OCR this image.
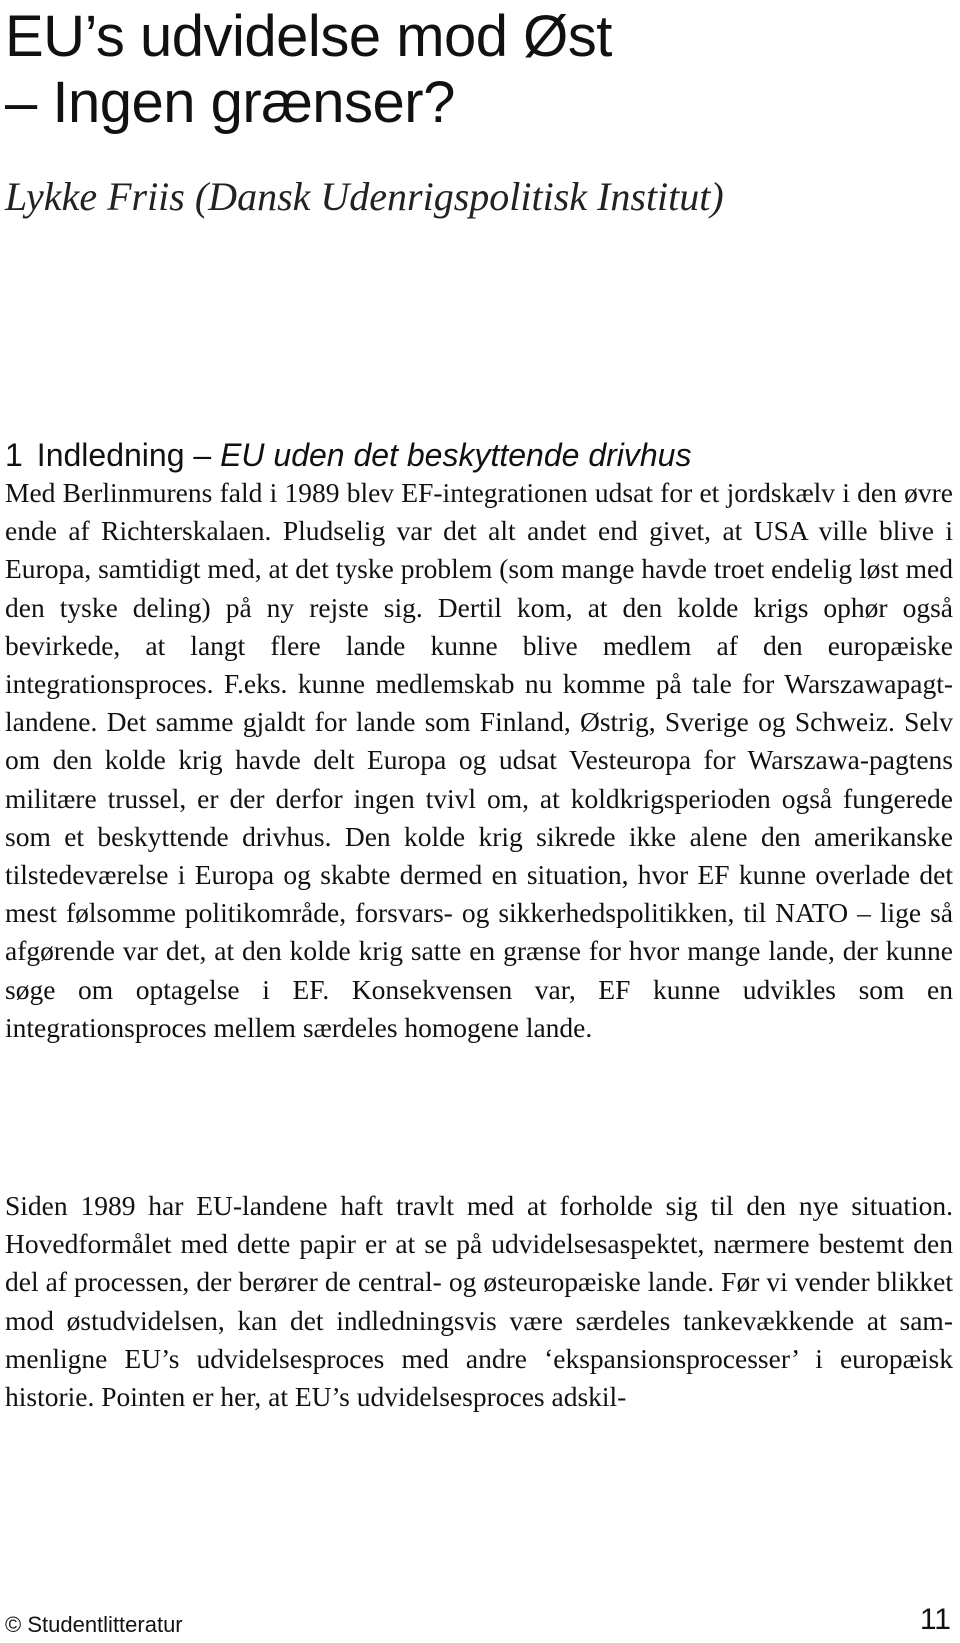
EU’s udvidelse mod Øst
– Ingen grænser?

Lykke Friis (Dansk Udenrigspolitisk Institut)

1 Indledning – EU uden det beskyttende drivhus

Med Berlinmurens fald i 1989 blev EF-integrationen udsat for et jordskælv i den øvre ende af Richterskalaen. Pludselig var det alt andet end givet, at USA ville blive i Europa, samtidigt med, at det tyske problem (som mange havde troet endelig løst med den tyske deling) på ny rejste sig. Dertil kom, at den kolde krigs ophør også bevirkede, at langt flere lande kunne blive medlem af den europæiske integrationsproces. F.eks. kunne medlemskab nu komme på tale for Warszawapagt-landene. Det samme gjaldt for lande som Finland, Østrig, Sverige og Schweiz. Selv om den kolde krig havde delt Europa og udsat Vesteuropa for Warszawa-pagtens militære trussel, er der derfor ingen tvivl om, at koldkrigsperioden også fungerede som et beskyttende drivhus. Den kolde krig sikrede ikke alene den amerikanske tilstedeværelse i Europa og skabte dermed en situation, hvor EF kunne overlade det mest følsomme politikområde, forsvars- og sikkerhedspolitikken, til NATO – lige så afgørende var det, at den kolde krig satte en grænse for hvor mange lande, der kunne søge om optagelse i EF. Konsekvensen var, EF kunne udvikles som en integrationsproces mellem særdeles homogene lande.

Siden 1989 har EU-landene haft travlt med at forholde sig til den nye situation. Hovedformålet med dette papir er at se på udvidelsesaspektet, nærmere bestemt den del af processen, der berører de central- og østeuropæiske lande. Før vi vender blikket mod østudvidelsen, kan det indledningsvis være særdeles tankevækkende at sammenligne EU’s udvidelsesproces med andre ‘ekspansionsprocesser’ i europæisk historie. Pointen er her, at EU’s udvidelsesproces adskil-

© Studentlitteratur	11
